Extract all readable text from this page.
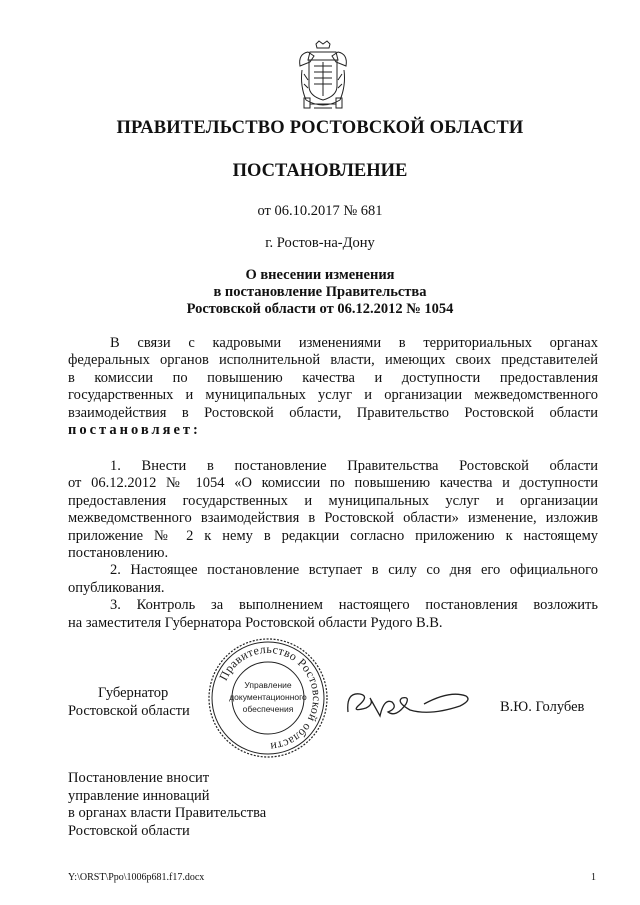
ПРАВИТЕЛЬСТВО РОСТОВСКОЙ ОБЛАСТИ
ПОСТАНОВЛЕНИЕ
от 06.10.2017 № 681
г. Ростов-на-Дону
О внесении изменения
в постановление Правительства
Ростовской области от 06.12.2012 № 1054
В связи с кадровыми изменениями в территориальных органах
федеральных органов исполнительной власти, имеющих своих представителей
в комиссии по повышению качества и доступности предоставления
государственных и муниципальных услуг и организации межведомственного
взаимодействия в Ростовской области, Правительство Ростовской области
постановляет:
1. Внести в постановление Правительства Ростовской области
от 06.12.2012 № 1054 «О комиссии по повышению качества и доступности
предоставления государственных и муниципальных услуг и организации
межведомственного взаимодействия в Ростовской области» изменение, изложив
приложение № 2 к нему в редакции согласно приложению к настоящему
постановлению.
2. Настоящее постановление вступает в силу со дня его официального
опубликования.
3. Контроль за выполнением настоящего постановления возложить
на заместителя Губернатора Ростовской области Рудого В.В.
Губернатор
Ростовской области
Правительство Ростовской области
Управление
документационного
обеспечения	В.Ю. Голубев
Постановление вносит
управление инноваций
в органах власти Правительства
Ростовской области
Y:\ORST\Ppo\1006p681.f17.docx	1
